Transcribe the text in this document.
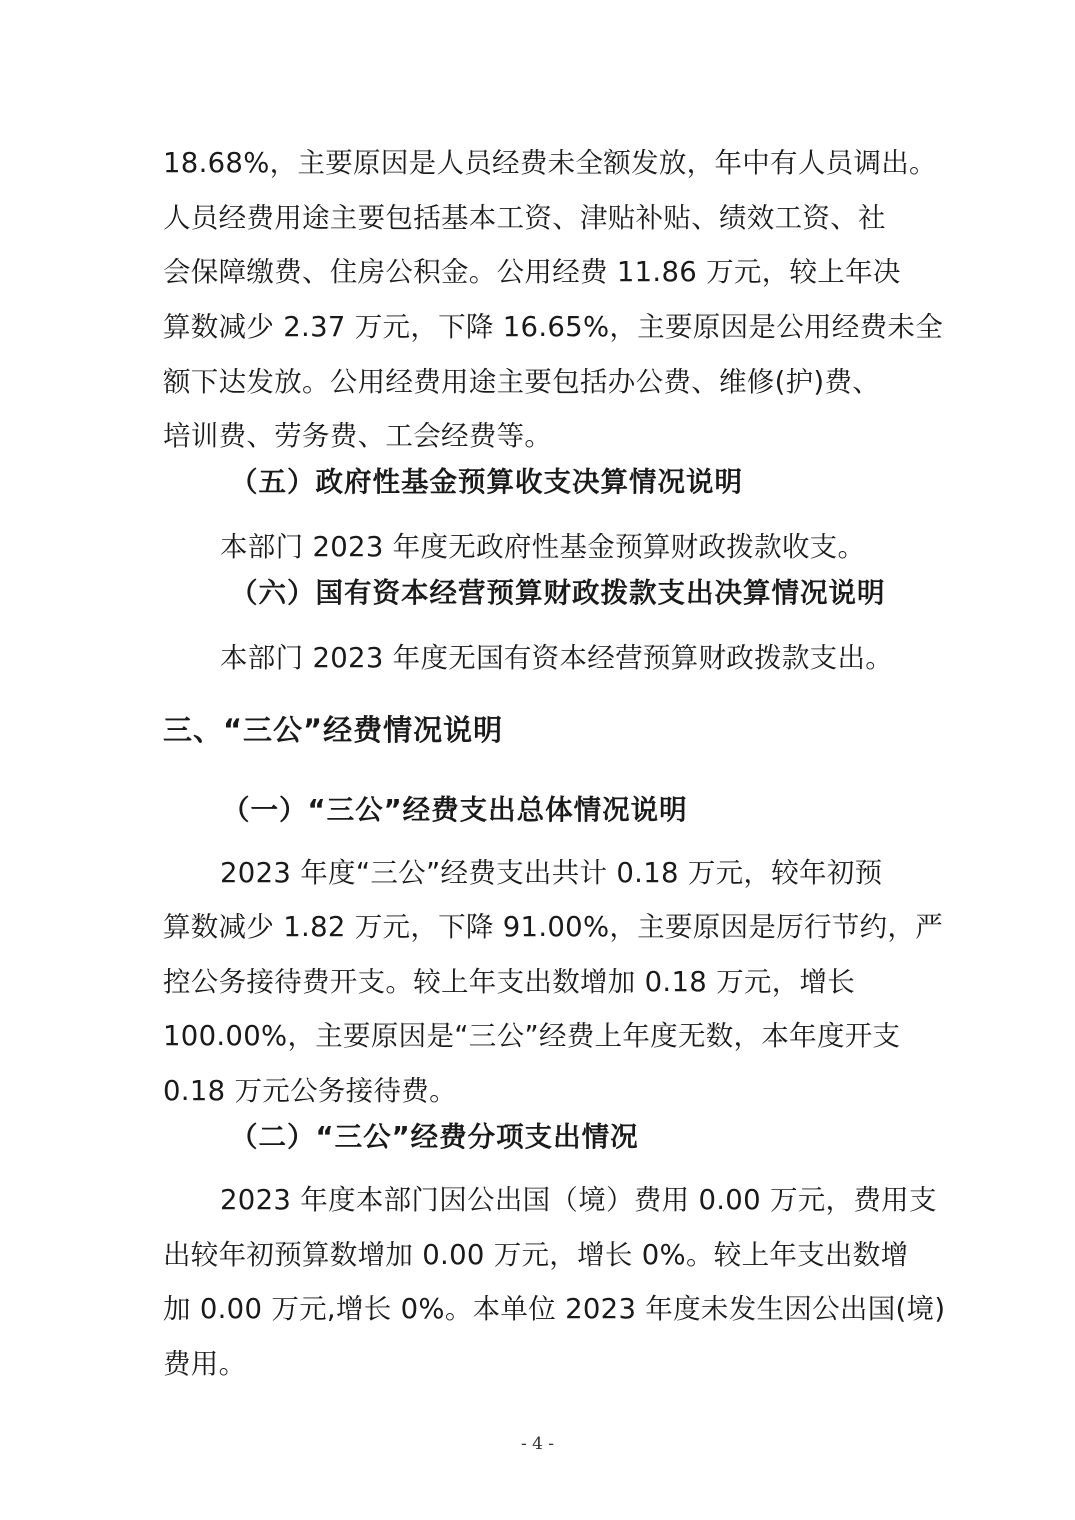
18.68%，主要原因是人员经费未全额发放，年中有人员调出。
人员经费用途主要包括基本工资、津贴补贴、绩效工资、社
会保障缴费、住房公积金。公用经费 11.86 万元，较上年决
算数减少 2.37 万元，下降 16.65%，主要原因是公用经费未全
额下达发放。公用经费用途主要包括办公费、维修(护)费、
培训费、劳务费、工会经费等。
（五）政府性基金预算收支决算情况说明
本部门 2023 年度无政府性基金预算财政拨款收支。
（六）国有资本经营预算财政拨款支出决算情况说明
本部门 2023 年度无国有资本经营预算财政拨款支出。
三、“三公”经费情况说明
（一）“三公”经费支出总体情况说明
2023 年度“三公”经费支出共计 0.18 万元，较年初预
算数减少 1.82 万元，下降 91.00%，主要原因是厉行节约，严
控公务接待费开支。较上年支出数增加 0.18 万元，增长
100.00%，主要原因是“三公”经费上年度无数，本年度开支
0.18 万元公务接待费。
（二）“三公”经费分项支出情况
2023 年度本部门因公出国（境）费用 0.00 万元，费用支
出较年初预算数增加 0.00 万元，增长 0%。较上年支出数增
加 0.00 万元,增长 0%。本单位 2023 年度未发生因公出国(境)
费用。
- 4 -
